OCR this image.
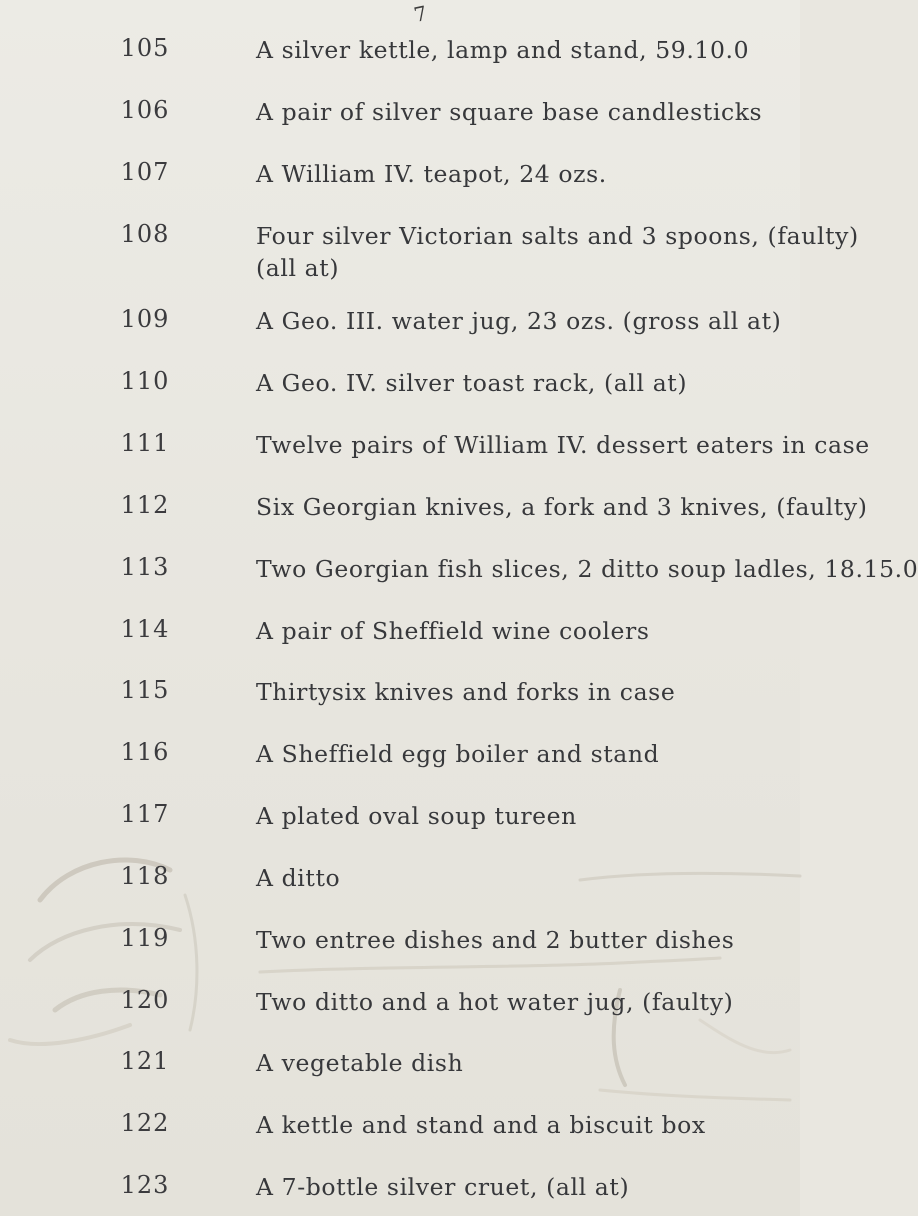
7
105	A silver kettle, lamp and stand, 59.10.0
106	A pair of silver square base candlesticks
107	A William IV. teapot, 24 ozs.
108	Four silver Victorian salts and 3 spoons, (faulty)
(all at)
109	A Geo. III. water jug, 23 ozs. (gross all at)
110	A Geo. IV. silver toast rack, (all at)
111	Twelve pairs of William IV. dessert eaters in case
112	Six Georgian knives, a fork and 3 knives, (faulty)
113	Two Georgian fish slices, 2 ditto soup ladles, 18.15.0
114	A pair of Sheffield wine coolers
115	Thirtysix knives and forks in case
116	A Sheffield egg boiler and stand
117	A plated oval soup tureen
118	A ditto
119	Two entree dishes and 2 butter dishes
120	Two ditto and a hot water jug, (faulty)
121	A vegetable dish
122	A kettle and stand and a biscuit box
123	A 7-bottle silver cruet, (all at)
